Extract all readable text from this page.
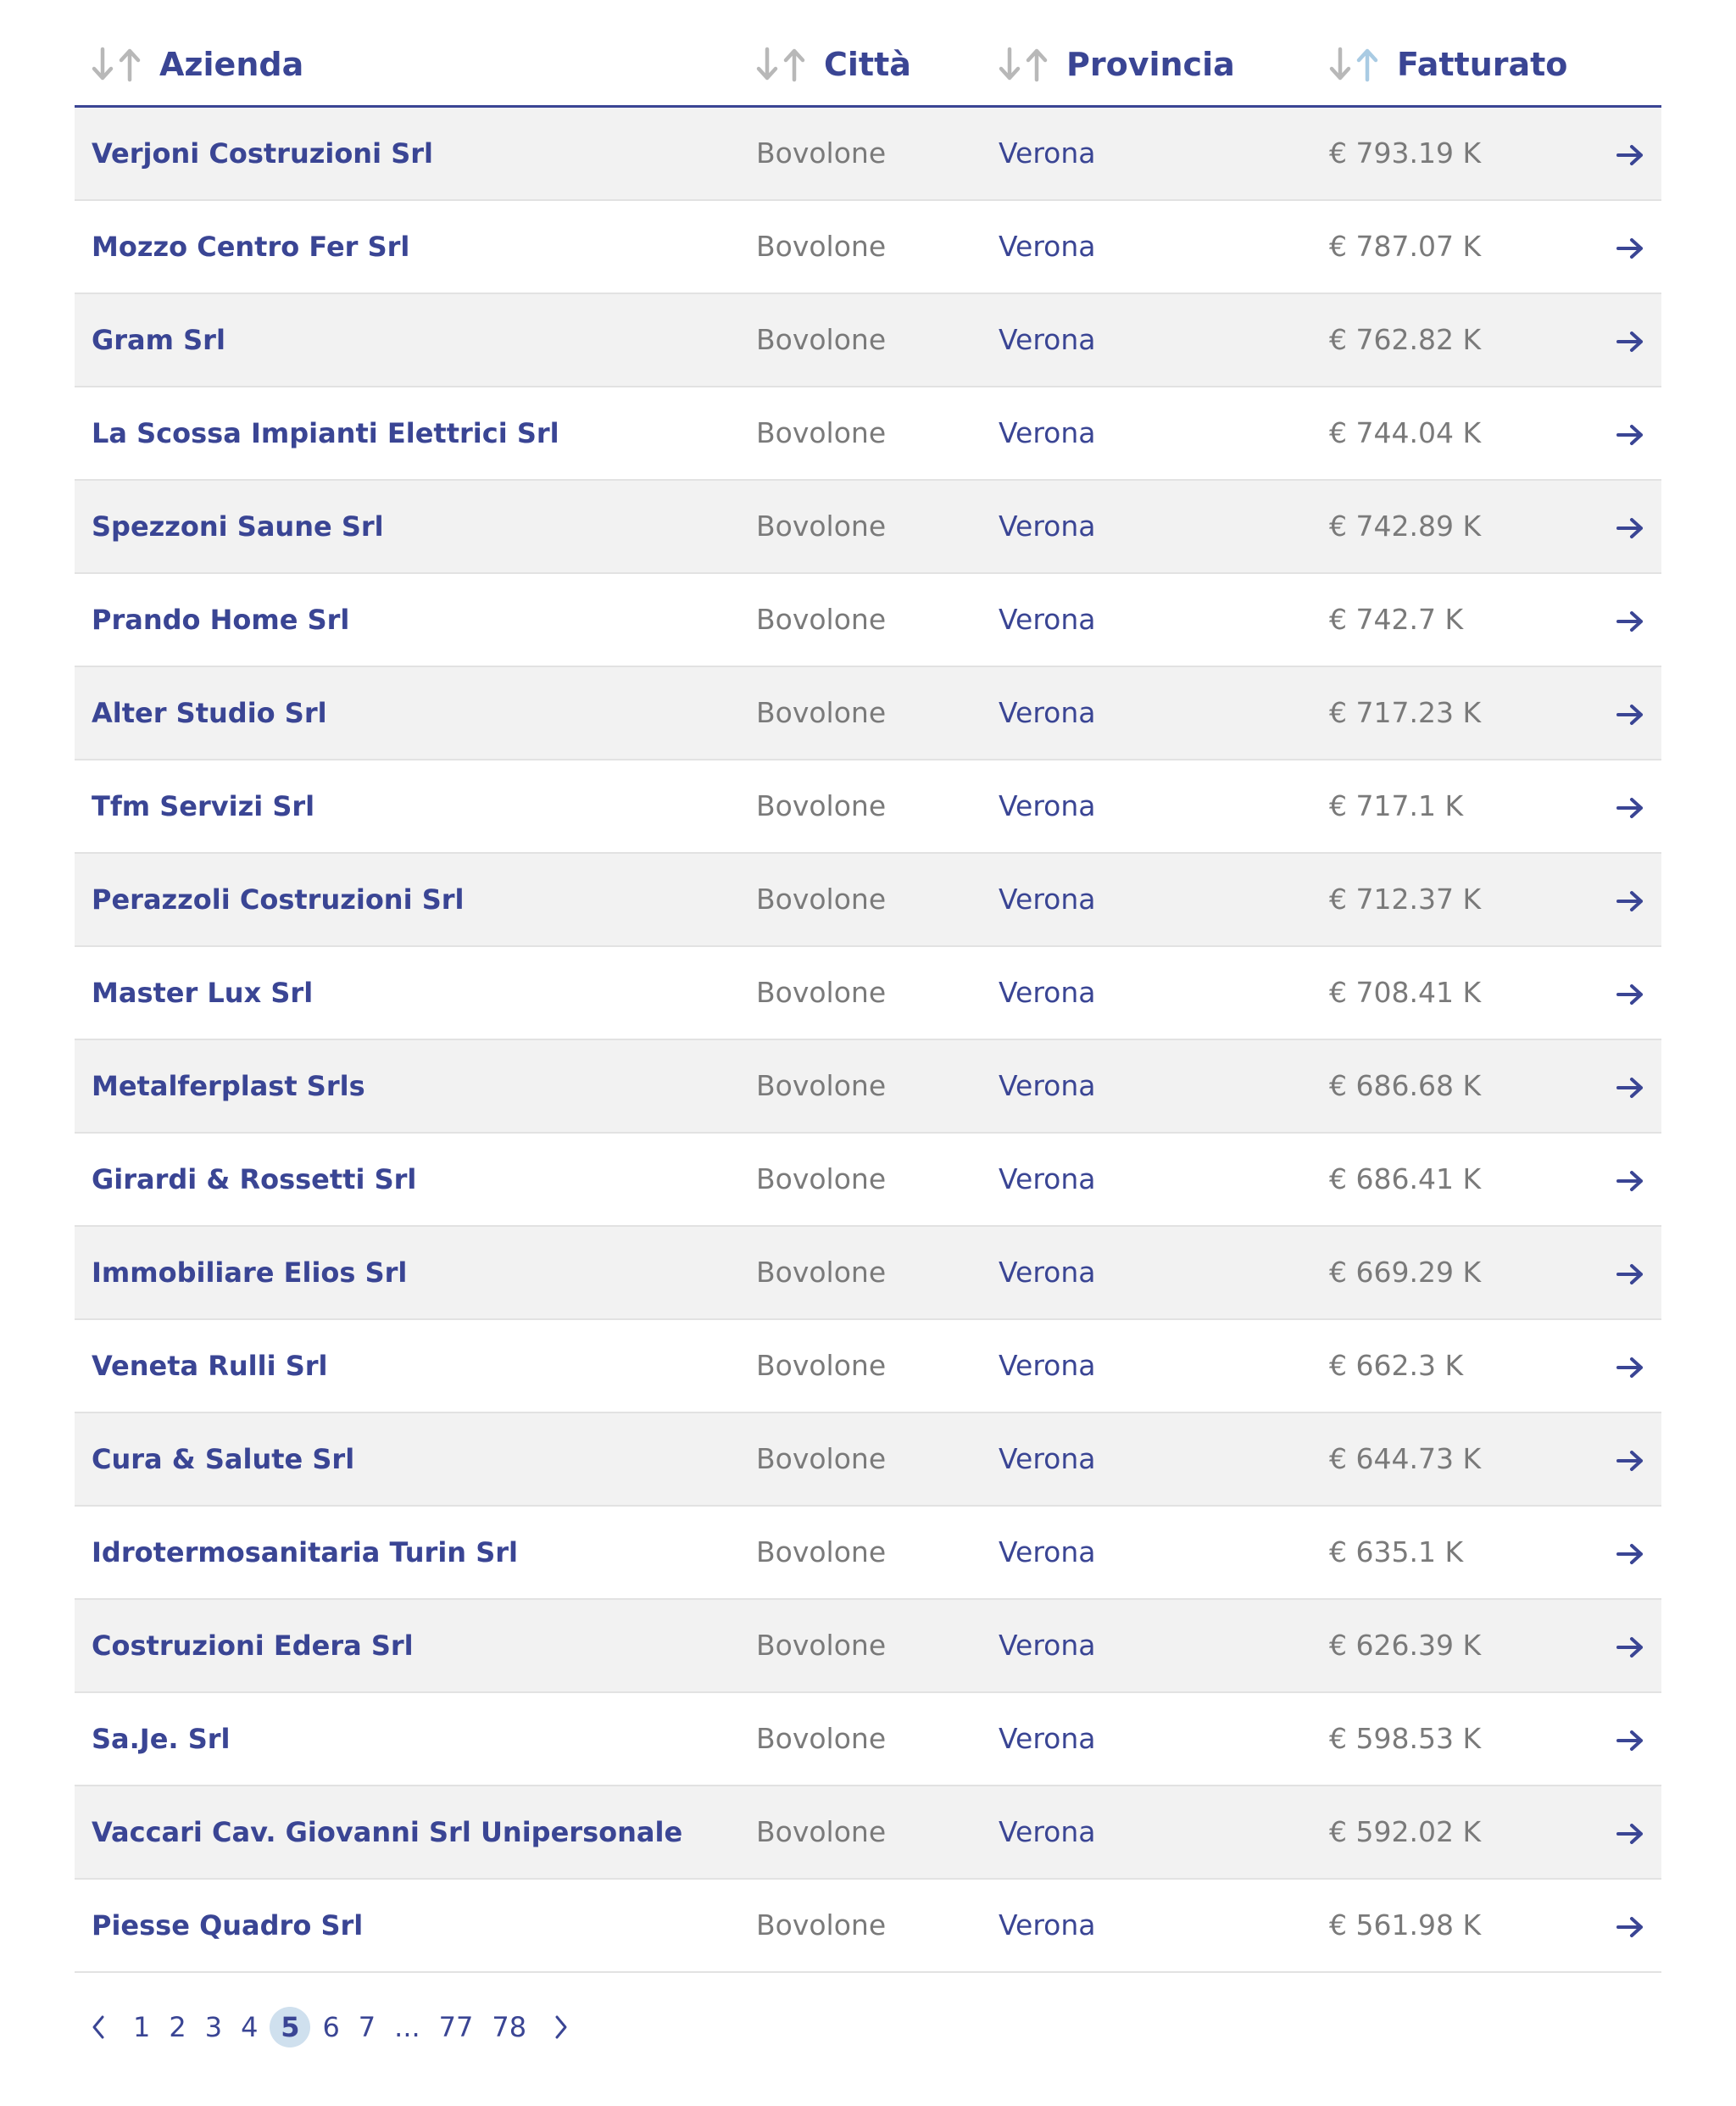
Azienda	Città	Provincia	Fatturato	

Verjoni Costruzioni Srl	Bovolone	Verona	€ 793.19 K	
Mozzo Centro Fer Srl	Bovolone	Verona	€ 787.07 K	
Gram Srl	Bovolone	Verona	€ 762.82 K	
La Scossa Impianti Elettrici Srl	Bovolone	Verona	€ 744.04 K	
Spezzoni Saune Srl	Bovolone	Verona	€ 742.89 K	
Prando Home Srl	Bovolone	Verona	€ 742.7 K	
Alter Studio Srl	Bovolone	Verona	€ 717.23 K	
Tfm Servizi Srl	Bovolone	Verona	€ 717.1 K	
Perazzoli Costruzioni Srl	Bovolone	Verona	€ 712.37 K	
Master Lux Srl	Bovolone	Verona	€ 708.41 K	
Metalferplast Srls	Bovolone	Verona	€ 686.68 K	
Girardi & Rossetti Srl	Bovolone	Verona	€ 686.41 K	
Immobiliare Elios Srl	Bovolone	Verona	€ 669.29 K	
Veneta Rulli Srl	Bovolone	Verona	€ 662.3 K	
Cura & Salute Srl	Bovolone	Verona	€ 644.73 K	
Idrotermosanitaria Turin Srl	Bovolone	Verona	€ 635.1 K	
Costruzioni Edera Srl	Bovolone	Verona	€ 626.39 K	
Sa.Je. Srl	Bovolone	Verona	€ 598.53 K	
Vaccari Cav. Giovanni Srl Unipersonale	Bovolone	Verona	€ 592.02 K	
Piesse Quadro Srl	Bovolone	Verona	€ 561.98 K	
1 2 3 4 5 6 7 ... 77 78
